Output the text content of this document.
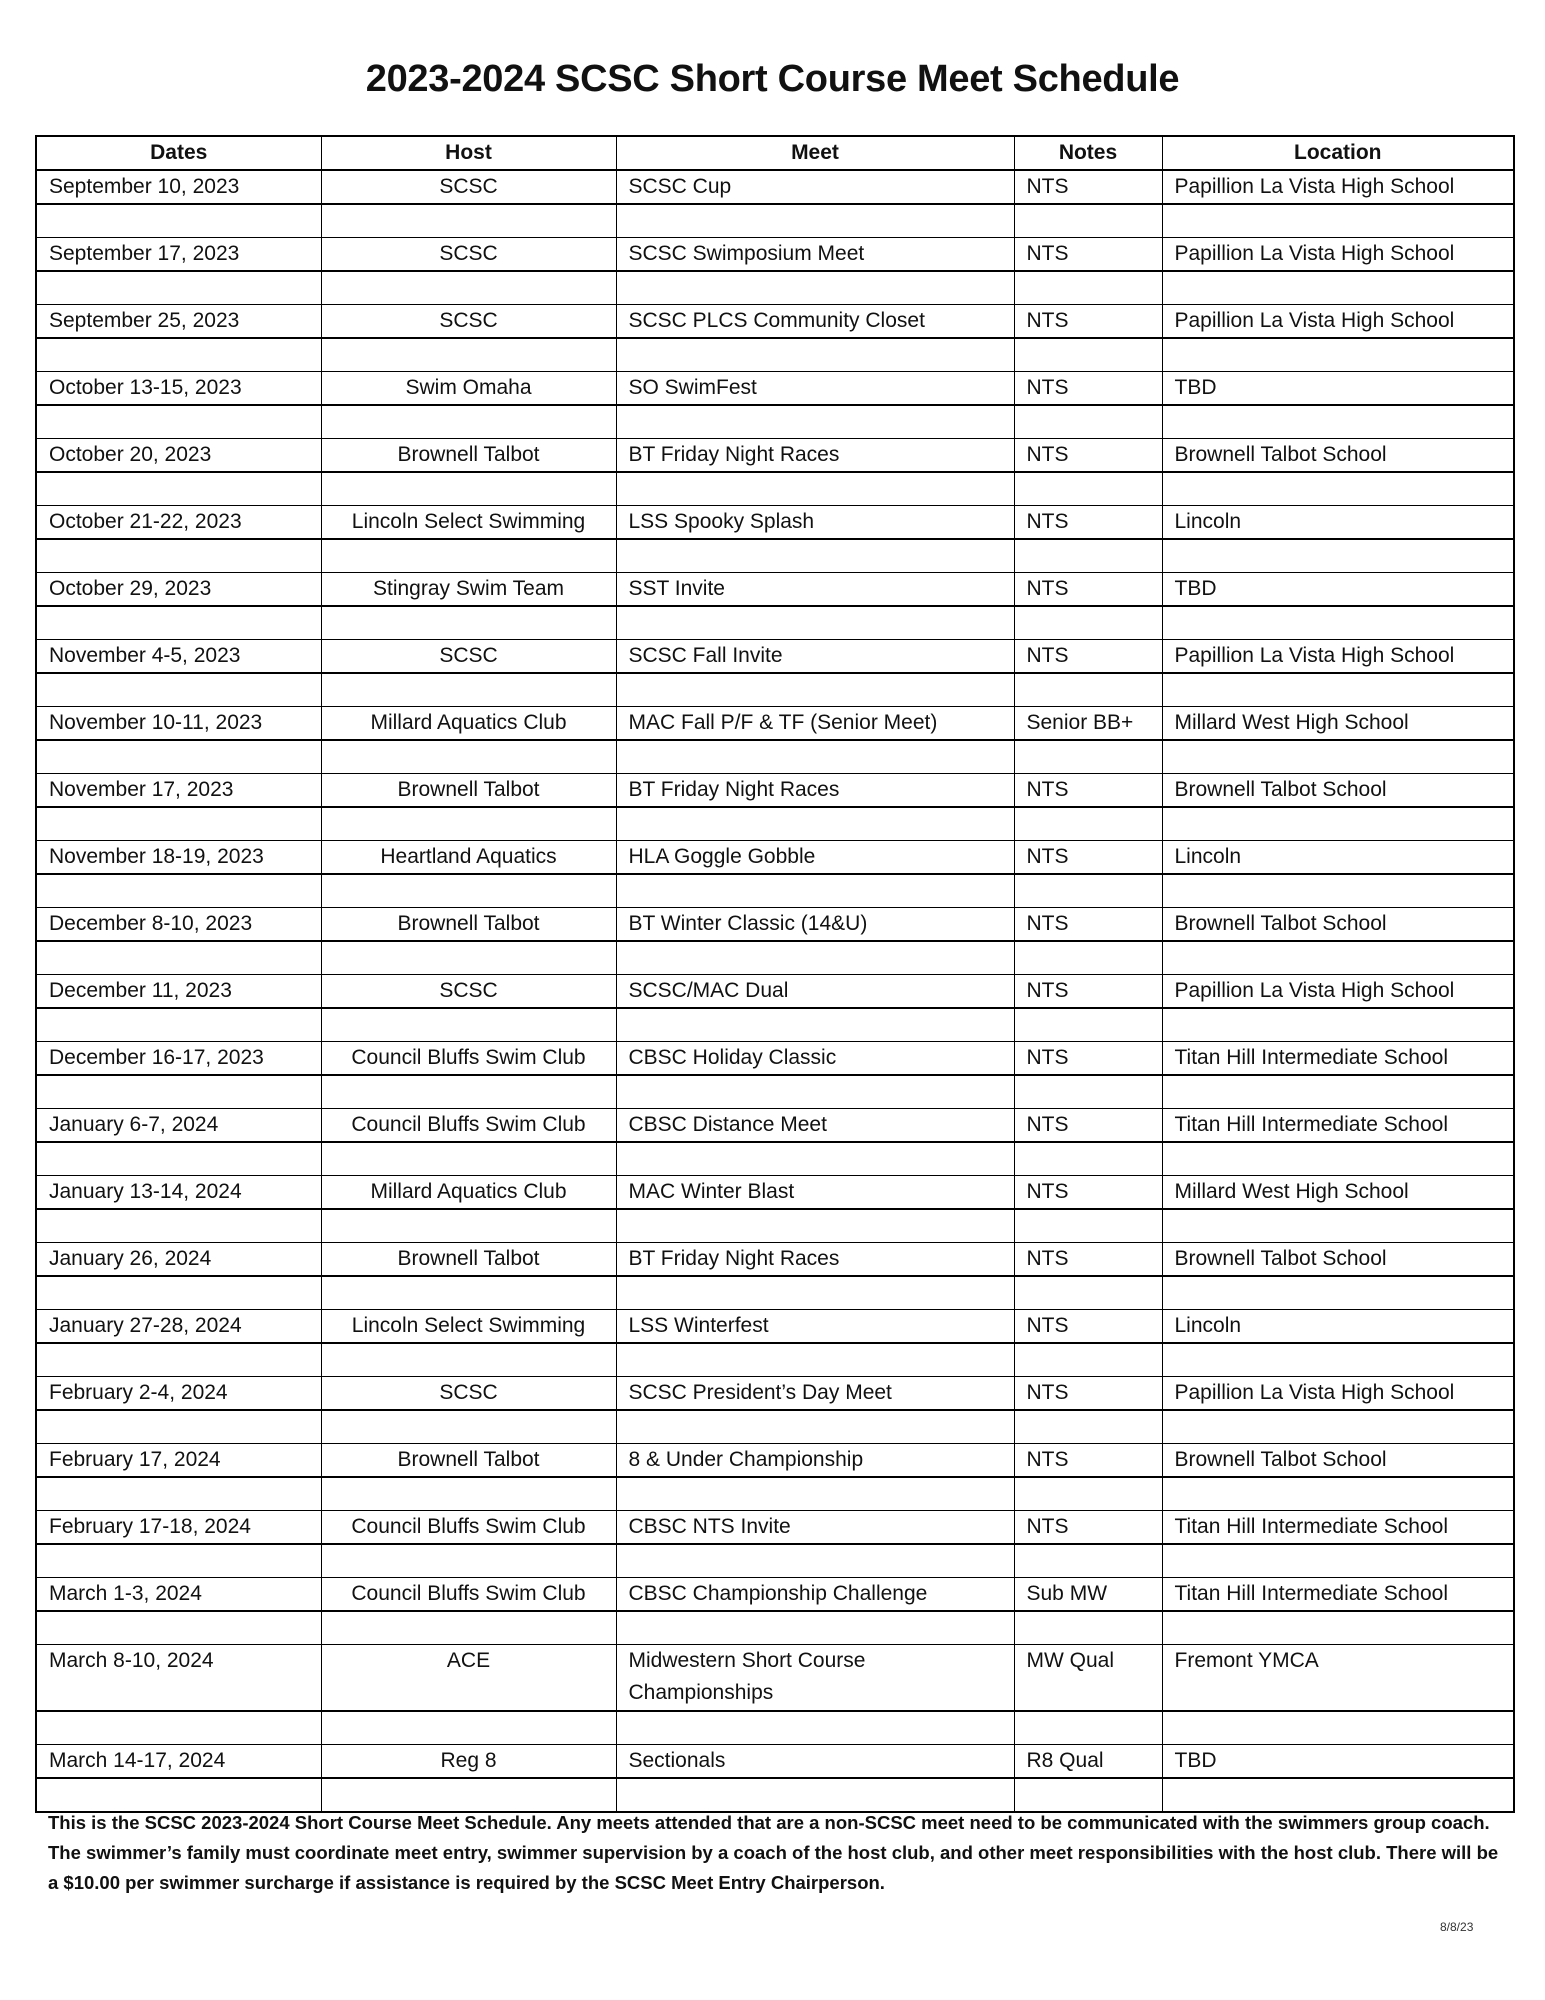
2023-2024 SCSC Short Course Meet Schedule
Dates	Host	Meet	Notes	Location
September 10, 2023	SCSC	SCSC Cup	NTS	Papillion La Vista High School

September 17, 2023	SCSC	SCSC Swimposium Meet	NTS	Papillion La Vista High School

September 25, 2023	SCSC	SCSC PLCS Community Closet	NTS	Papillion La Vista High School

October 13-15, 2023	Swim Omaha	SO SwimFest	NTS	TBD

October 20, 2023	Brownell Talbot	BT Friday Night Races	NTS	Brownell Talbot School

October 21-22, 2023	Lincoln Select Swimming	LSS Spooky Splash	NTS	Lincoln

October 29, 2023	Stingray Swim Team	SST Invite	NTS	TBD

November 4-5, 2023	SCSC	SCSC Fall Invite	NTS	Papillion La Vista High School

November 10-11, 2023	Millard Aquatics Club	MAC Fall P/F & TF (Senior Meet)	Senior BB+	Millard West High School

November 17, 2023	Brownell Talbot	BT Friday Night Races	NTS	Brownell Talbot School

November 18-19, 2023	Heartland Aquatics	HLA Goggle Gobble	NTS	Lincoln

December 8-10, 2023	Brownell Talbot	BT Winter Classic (14&U)	NTS	Brownell Talbot School

December 11, 2023	SCSC	SCSC/MAC Dual	NTS	Papillion La Vista High School

December 16-17, 2023	Council Bluffs Swim Club	CBSC Holiday Classic	NTS	Titan Hill Intermediate School

January 6-7, 2024	Council Bluffs Swim Club	CBSC Distance Meet	NTS	Titan Hill Intermediate School

January 13-14, 2024	Millard Aquatics Club	MAC Winter Blast	NTS	Millard West High School

January 26, 2024	Brownell Talbot	BT Friday Night Races	NTS	Brownell Talbot School

January 27-28, 2024	Lincoln Select Swimming	LSS Winterfest	NTS	Lincoln

February 2-4, 2024	SCSC	SCSC President’s Day Meet	NTS	Papillion La Vista High School

February 17, 2024	Brownell Talbot	8 & Under Championship	NTS	Brownell Talbot School

February 17-18, 2024	Council Bluffs Swim Club	CBSC NTS Invite	NTS	Titan Hill Intermediate School

March 1-3, 2024	Council Bluffs Swim Club	CBSC Championship Challenge	Sub MW	Titan Hill Intermediate School

March 8-10, 2024	ACE	Midwestern Short Course Championships	MW Qual	Fremont YMCA

March 14-17, 2024	Reg 8	Sectionals	R8 Qual	TBD

This is the SCSC 2023-2024 Short Course Meet Schedule. Any meets attended that are a non-SCSC meet need to be communicated with the swimmers group coach. The swimmer’s family must coordinate meet entry, swimmer supervision by a coach of the host club, and other meet responsibilities with the host club. There will be a $10.00 per swimmer surcharge if assistance is required by the SCSC Meet Entry Chairperson.
8/8/23
